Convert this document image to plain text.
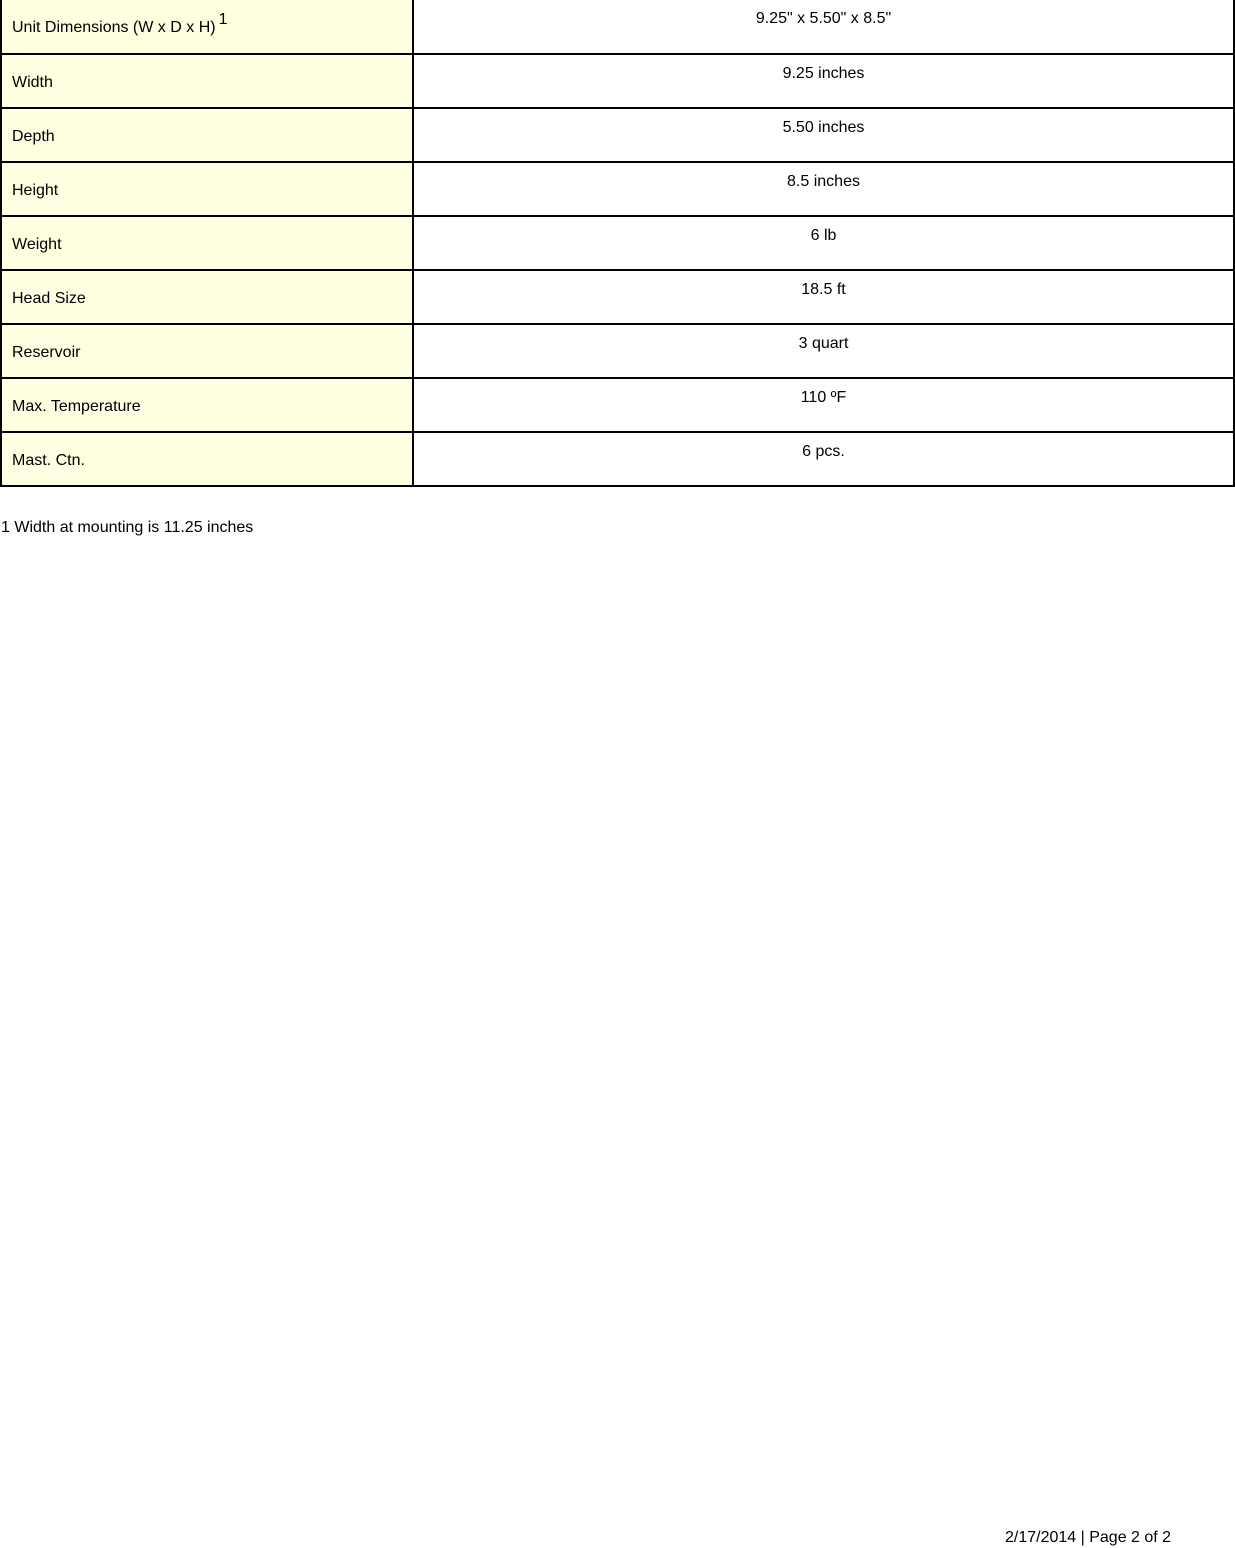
Unit Dimensions (W x D x H) 1	9.25" x 5.50" x 8.5"
Width	9.25 inches
Depth	5.50 inches
Height	8.5 inches
Weight	6 lb
Head Size	18.5 ft
Reservoir	3 quart
Max. Temperature	110 ºF
Mast. Ctn.	6 pcs.
1 Width at mounting is 11.25 inches
2/17/2014 | Page 2 of 2
